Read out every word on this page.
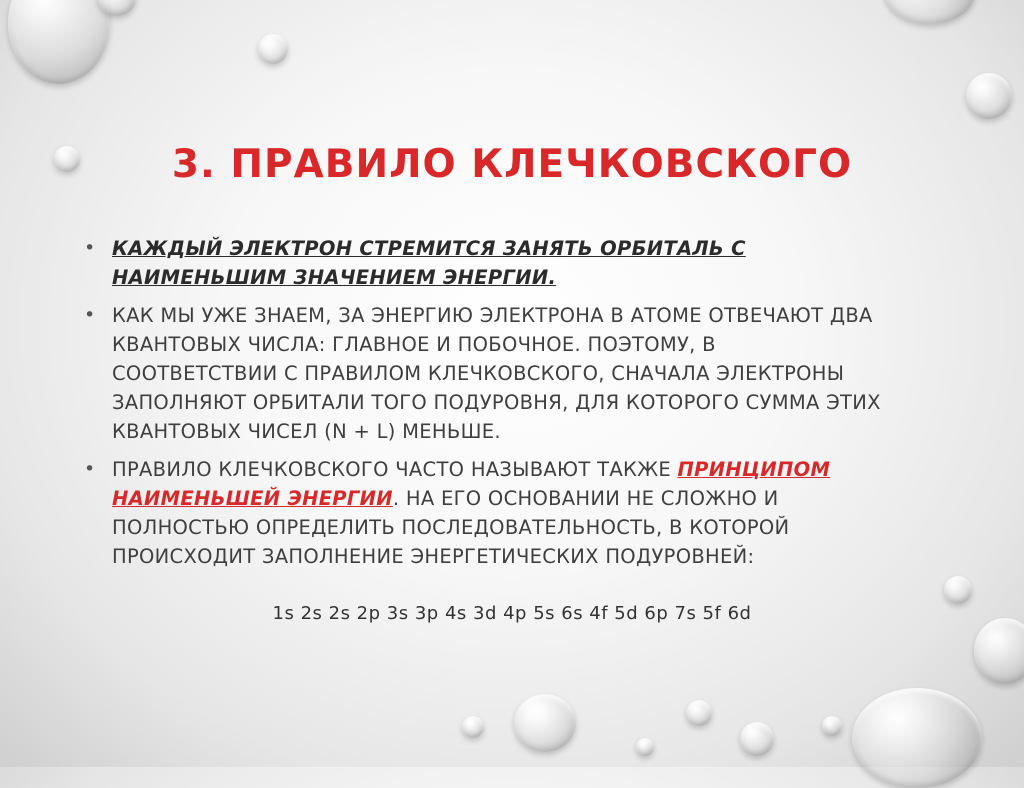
3. ПРАВИЛО КЛЕЧКОВСКОГО
• КАЖДЫЙ ЭЛЕКТРОН СТРЕМИТСЯ ЗАНЯТЬ ОРБИТАЛЬ С НАИМЕНЬШИМ ЗНАЧЕНИЕМ ЭНЕРГИИ.
• КАК МЫ УЖЕ ЗНАЕМ, ЗА ЭНЕРГИЮ ЭЛЕКТРОНА В АТОМЕ ОТВЕЧАЮТ ДВА КВАНТОВЫХ ЧИСЛА: ГЛАВНОЕ И ПОБОЧНОЕ. ПОЭТОМУ, В СООТВЕТСТВИИ С ПРАВИЛОМ КЛЕЧКОВСКОГО, СНАЧАЛА ЭЛЕКТРОНЫ ЗАПОЛНЯЮТ ОРБИТАЛИ ТОГО ПОДУРОВНЯ, ДЛЯ КОТОРОГО СУММА ЭТИХ КВАНТОВЫХ ЧИСЕЛ (N + L) МЕНЬШЕ.
• ПРАВИЛО КЛЕЧКОВСКОГО ЧАСТО НАЗЫВАЮТ ТАКЖЕ ПРИНЦИПОМ НАИМЕНЬШЕЙ ЭНЕРГИИ. НА ЕГО ОСНОВАНИИ НЕ СЛОЖНО И ПОЛНОСТЬЮ ОПРЕДЕЛИТЬ ПОСЛЕДОВАТЕЛЬНОСТЬ, В КОТОРОЙ ПРОИСХОДИТ ЗАПОЛНЕНИЕ ЭНЕРГЕТИЧЕСКИХ ПОДУРОВНЕЙ:
1s 2s 2s 2p 3s 3p 4s 3d 4p 5s 6s 4f 5d 6p 7s 5f 6d
